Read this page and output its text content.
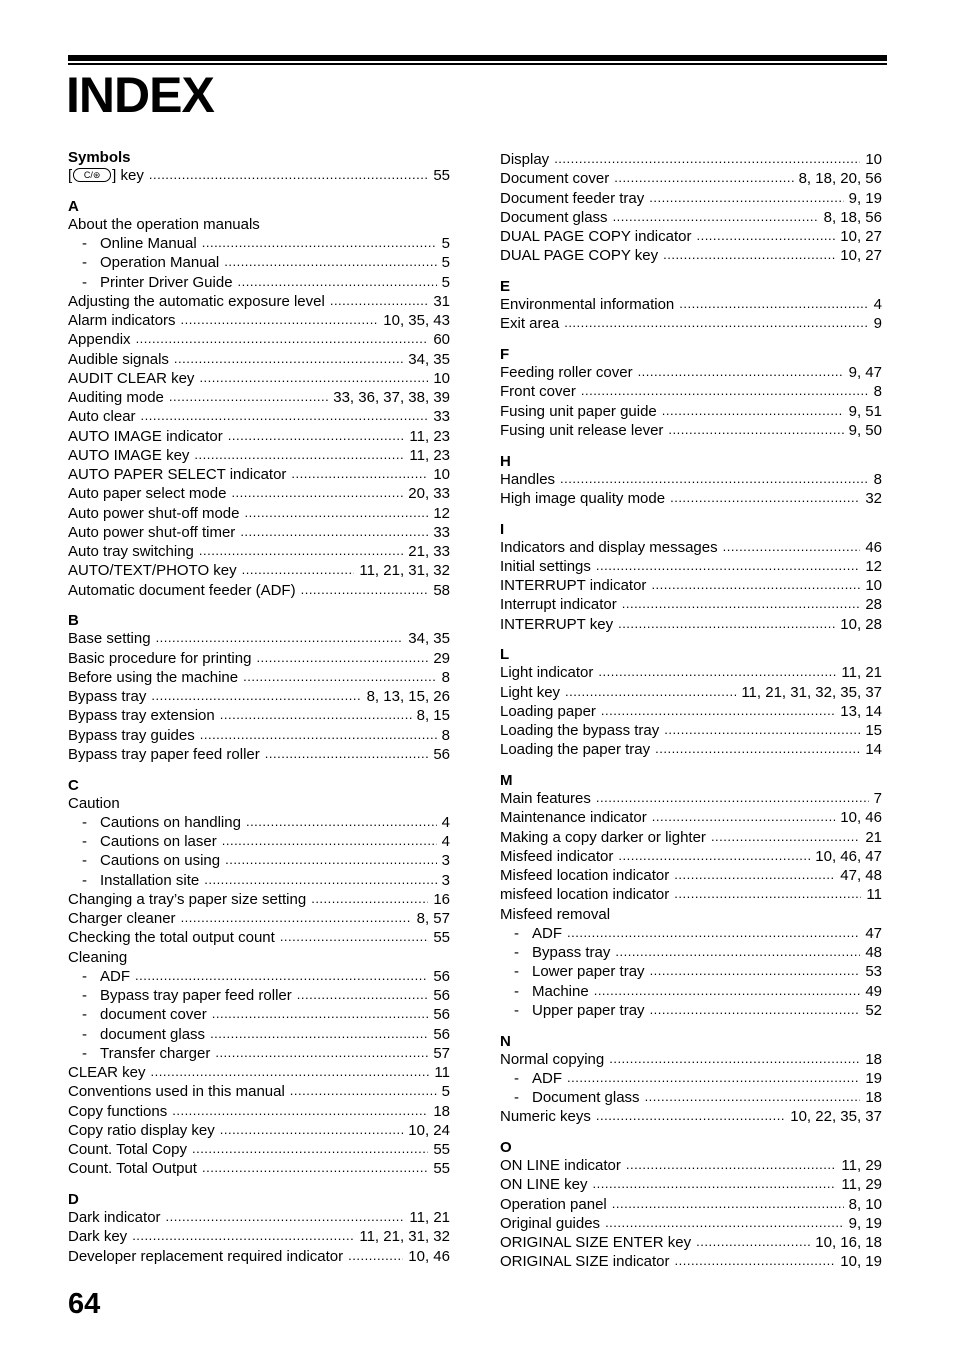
INDEX
Symbols
[ C/⊛ ] key .....	55
A
About the operation manuals
- Online Manual .....	5
- Operation Manual .....	5
- Printer Driver Guide .....	5
Adjusting the automatic exposure level .....	31
Alarm indicators .....	10, 35, 43
Appendix .....	60
Audible signals .....	34, 35
AUDIT CLEAR key .....	10
Auditing mode .....	33, 36, 37, 38, 39
Auto clear .....	33
AUTO IMAGE indicator .....	11, 23
AUTO IMAGE key .....	11, 23
AUTO PAPER SELECT indicator .....	10
Auto paper select mode .....	20, 33
Auto power shut-off mode .....	12
Auto power shut-off timer .....	33
Auto tray switching .....	21, 33
AUTO/TEXT/PHOTO key .....	11, 21, 31, 32
Automatic document feeder (ADF) .....	58
B
Base setting .....	34, 35
Basic procedure for printing .....	29
Before using the machine .....	8
Bypass tray .....	8, 13, 15, 26
Bypass tray extension .....	8, 15
Bypass tray guides .....	8
Bypass tray paper feed roller .....	56
C
Caution
- Cautions on handling .....	4
- Cautions on laser .....	4
- Cautions on using .....	3
- Installation site .....	3
Changing a tray’s paper size setting .....	16
Charger cleaner .....	8, 57
Checking the total output count .....	55
Cleaning
- ADF .....	56
- Bypass tray paper feed roller .....	56
- document cover .....	56
- document glass .....	56
- Transfer charger .....	57
CLEAR key .....	11
Conventions used in this manual .....	5
Copy functions .....	18
Copy ratio display key .....	10, 24
Count. Total Copy .....	55
Count. Total Output .....	55
D
Dark indicator .....	11, 21
Dark key .....	11, 21, 31, 32
Developer replacement required indicator .....	10, 46
Display .....	10
Document cover .....	8, 18, 20, 56
Document feeder tray .....	9, 19
Document glass .....	8, 18, 56
DUAL PAGE COPY indicator .....	10, 27
DUAL PAGE COPY key .....	10, 27
E
Environmental information .....	4
Exit area .....	9
F
Feeding roller cover .....	9, 47
Front cover .....	8
Fusing unit paper guide .....	9, 51
Fusing unit release lever .....	9, 50
H
Handles .....	8
High image quality mode .....	32
I
Indicators and display messages .....	46
Initial settings .....	12
INTERRUPT indicator .....	10
Interrupt indicator .....	28
INTERRUPT key .....	10, 28
L
Light indicator .....	11, 21
Light key .....	11, 21, 31, 32, 35, 37
Loading paper .....	13, 14
Loading the bypass tray .....	15
Loading the paper tray .....	14
M
Main features .....	7
Maintenance indicator .....	10, 46
Making a copy darker or lighter .....	21
Misfeed indicator .....	10, 46, 47
Misfeed location indicator .....	47, 48
misfeed location indicator .....	11
Misfeed removal
- ADF .....	47
- Bypass tray .....	48
- Lower paper tray .....	53
- Machine .....	49
- Upper paper tray .....	52
N
Normal copying .....	18
- ADF .....	19
- Document glass .....	18
Numeric keys .....	10, 22, 35, 37
O
ON LINE indicator .....	11, 29
ON LINE key .....	11, 29
Operation panel .....	8, 10
Original guides .....	9, 19
ORIGINAL SIZE ENTER key .....	10, 16, 18
ORIGINAL SIZE indicator .....	10, 19
64
